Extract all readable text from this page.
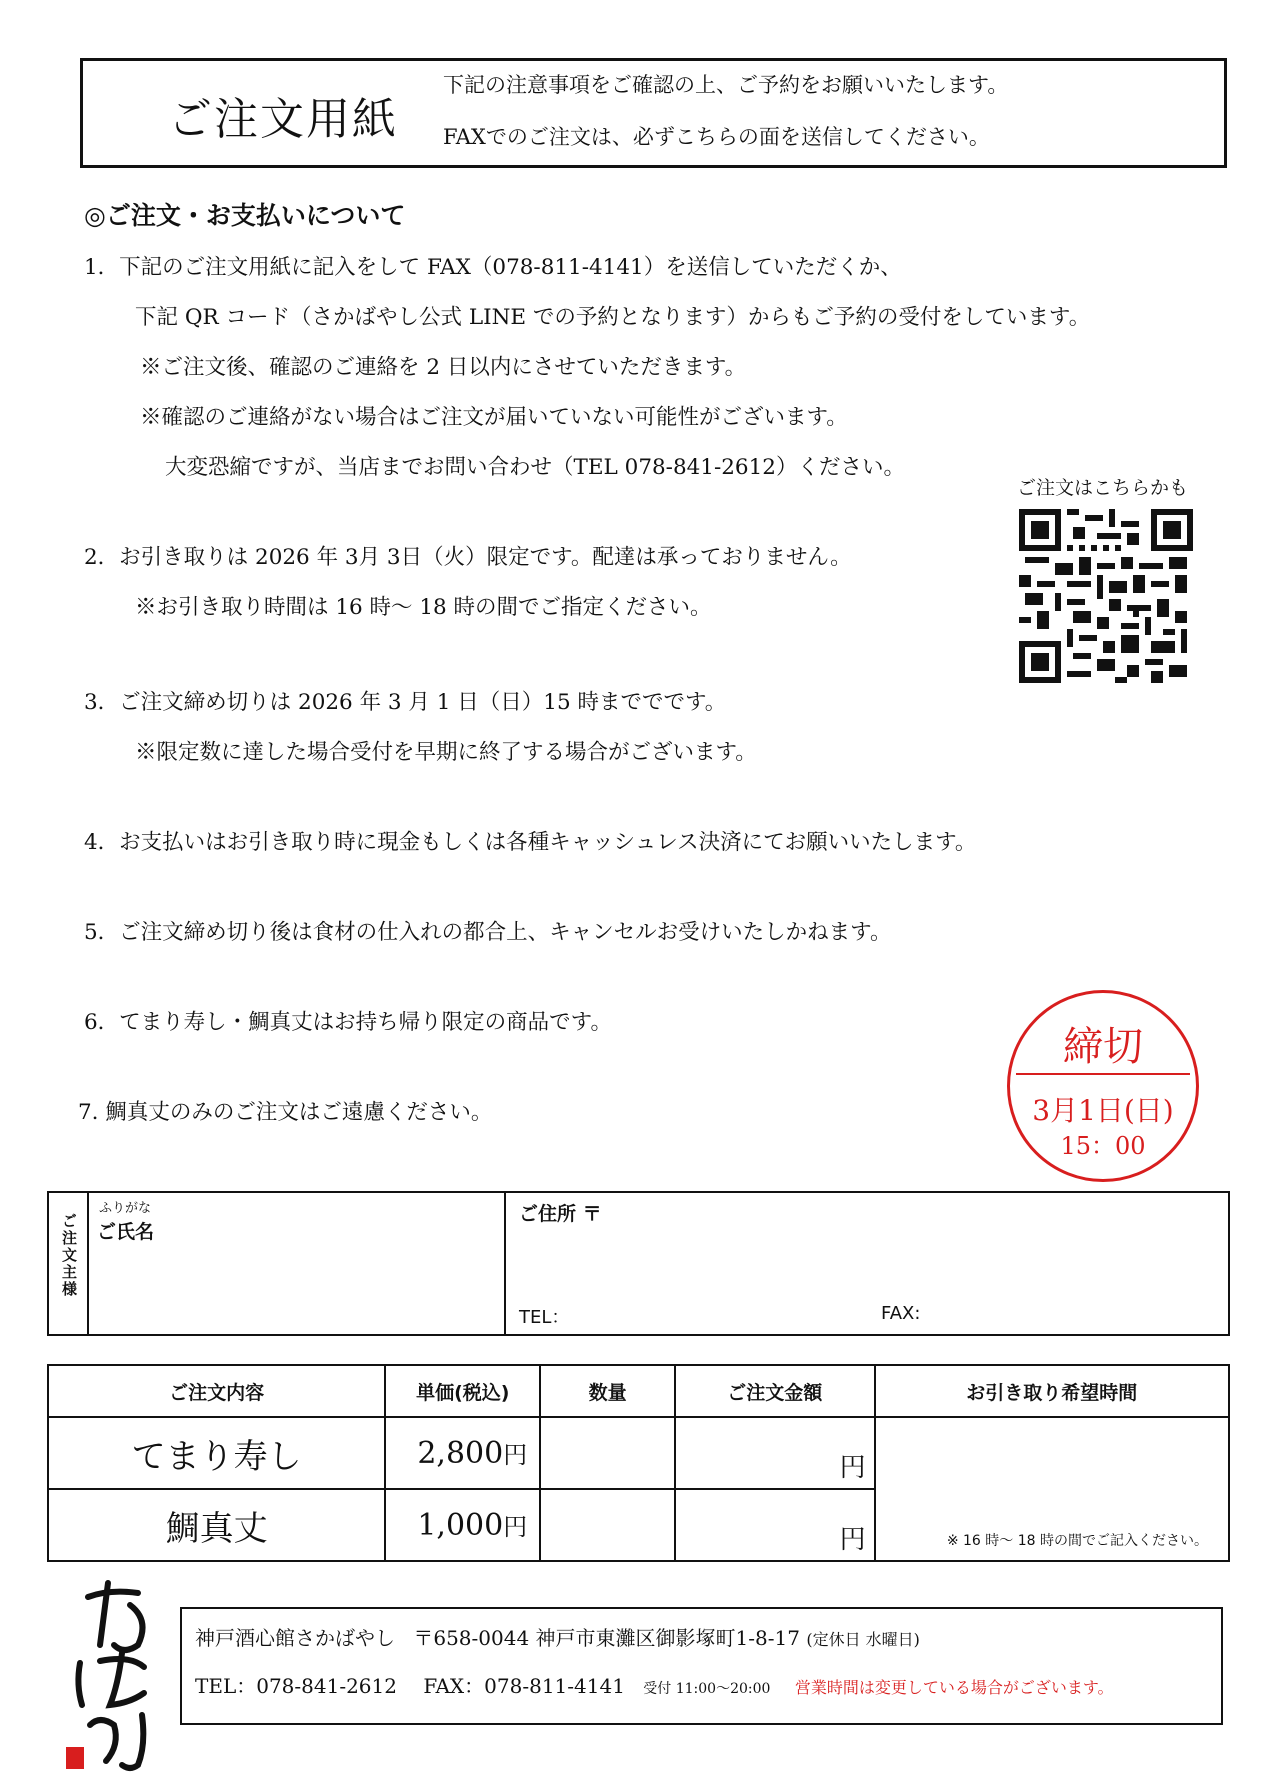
ご注文用紙
下記の注意事項をご確認の上、ご予約をお願いいたします。
FAXでのご注文は、必ずこちらの面を送信してください。
◎ご注文・お支払いについて
1．下記のご注文用紙に記入をして FAX（078-811-4141）を送信していただくか、
下記 QR コード（さかばやし公式 LINE での予約となります）からもご予約の受付をしています。
※ご注文後、確認のご連絡を 2 日以内にさせていただきます。
※確認のご連絡がない場合はご注文が届いていない可能性がございます。
大変恐縮ですが、当店までお問い合わせ（TEL 078-841-2612）ください。
2．お引き取りは 2026 年 3月 3日（火）限定です。配達は承っておりません。
※お引き取り時間は 16 時～ 18 時の間でご指定ください。
3．ご注文締め切りは 2026 年 3 月 1 日（日）15 時まででです。
※限定数に達した場合受付を早期に終了する場合がございます。
4．お支払いはお引き取り時に現金もしくは各種キャッシュレス決済にてお願いいたします。
5．ご注文締め切り後は食材の仕入れの都合上、キャンセルお受けいたしかねます。
6．てまり寿し・鯛真丈はお持ち帰り限定の商品です。
7. 鯛真丈のみのご注文はご遠慮ください。
ご注文はこちらかも
締切
3月1日(日)
15：00
ご注文主様
ふりがな
ご氏名
ご住所 〒
TEL：	FAX:
ご注文内容	単価(税込)	数量	ご注文金額	お引き取り希望時間
てまり寿し	2,800円		円	※ 16 時～ 18 時の間でご記入ください。
鯛真丈	1,000円		円	
神戸酒心館さかばやし 〒658-0044 神戸市東灘区御影塚町1-8-17 (定休日 水曜日)
TEL：078-841-2612 FAX：078-811-4141 受付 11:00～20:00 営業時間は変更している場合がございます。
